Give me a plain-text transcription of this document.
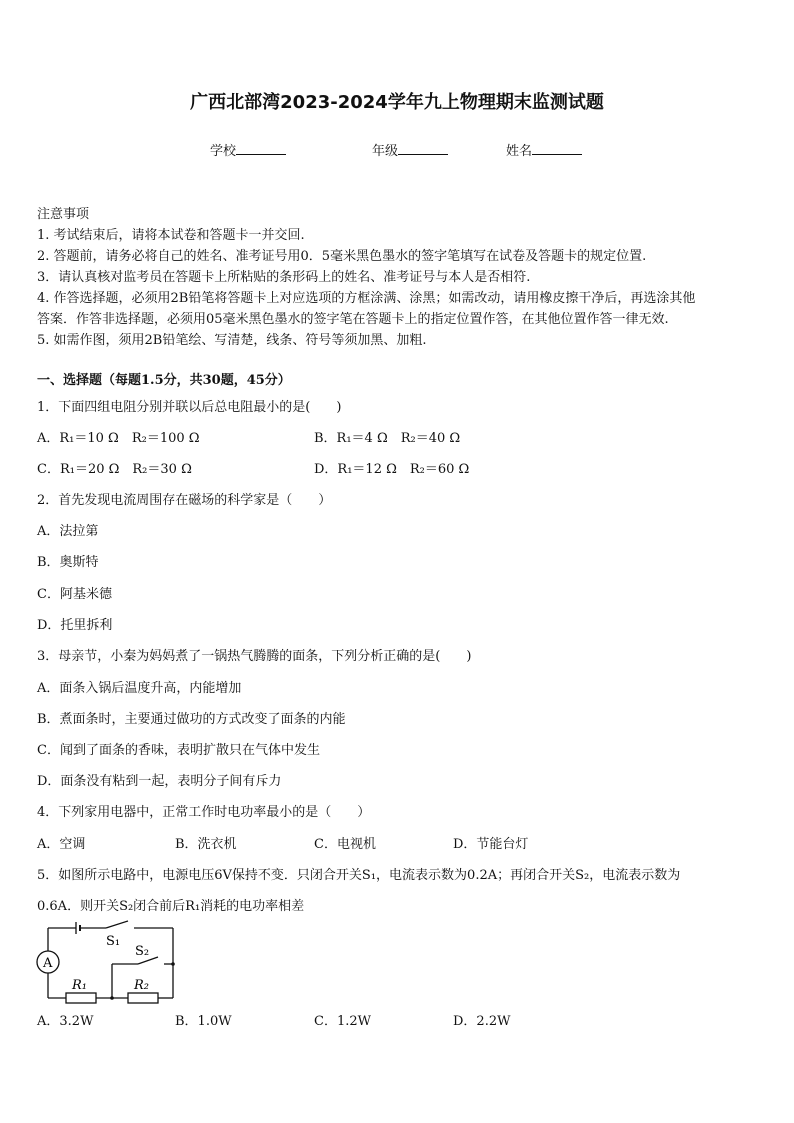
广西北部湾2023-2024学年九上物理期末监测试题
学校	年级	姓名
注意事项
1. 考试结束后，请将本试卷和答题卡一并交回.
2. 答题前，请务必将自己的姓名、准考证号用0．5毫米黑色墨水的签字笔填写在试卷及答题卡的规定位置.
3．请认真核对监考员在答题卡上所粘贴的条形码上的姓名、准考证号与本人是否相符.
4. 作答选择题，必须用2B铅笔将答题卡上对应选项的方框涂满、涂黑；如需改动，请用橡皮擦干净后，再选涂其他
答案．作答非选择题，必须用05毫米黑色墨水的签字笔在答题卡上的指定位置作答，在其他位置作答一律无效.
5. 如需作图，须用2B铅笔绘、写清楚，线条、符号等须加黑、加粗.
一、选择题（每题1.5分，共30题，45分）
1．下面四组电阻分别并联以后总电阻最小的是(　　)
A．R₁＝10 Ω　R₂＝100 Ω	B．R₁＝4 Ω　R₂＝40 Ω
C．R₁＝20 Ω　R₂＝30 Ω	D．R₁＝12 Ω　R₂＝60 Ω
2．首先发现电流周围存在磁场的科学家是（　　）
A．法拉第
B．奥斯特
C．阿基米德
D．托里拆利
3．母亲节，小秦为妈妈煮了一锅热气腾腾的面条，下列分析正确的是(　　)
A．面条入锅后温度升高，内能增加
B．煮面条时，主要通过做功的方式改变了面条的内能
C．闻到了面条的香味，表明扩散只在气体中发生
D．面条没有粘到一起，表明分子间有斥力
4．下列家用电器中，正常工作时电功率最小的是（　　）
A．空调	B．洗衣机	C．电视机	D．节能台灯
5．如图所示电路中，电源电压6V保持不变．只闭合开关S₁，电流表示数为0.2A；再闭合开关S₂，电流表示数为
0.6A．则开关S₂闭合前后R₁消耗的电功率相差
A
S₁
S₂
R₁	R₂
A．3.2W	B．1.0W	C．1.2W	D．2.2W
